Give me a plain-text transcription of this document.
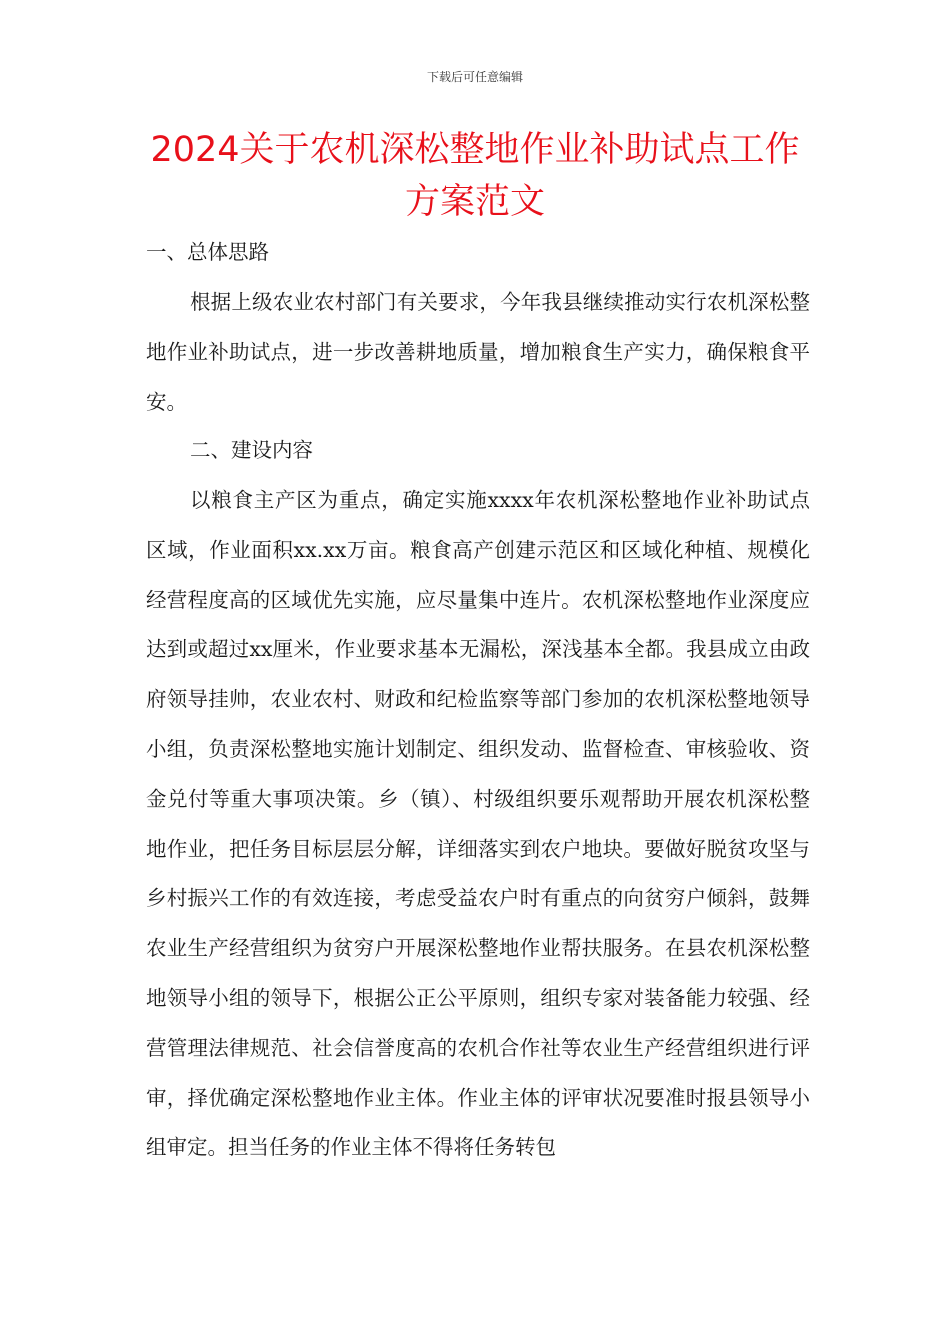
下载后可任意编辑
2024关于农机深松整地作业补助试点工作
方案范文

一、总体思路

根据上级农业农村部门有关要求，今年我县继续推动实行农机深松整地作业补助试点，进一步改善耕地质量，增加粮食生产实力，确保粮食平安。

二、建设内容

以粮食主产区为重点，确定实施xxxx年农机深松整地作业补助试点区域，作业面积xx.xx万亩。粮食高产创建示范区和区域化种植、规模化经营程度高的区域优先实施，应尽量集中连片。农机深松整地作业深度应达到或超过xx厘米，作业要求基本无漏松，深浅基本全都。我县成立由政府领导挂帅，农业农村、财政和纪检监察等部门参加的农机深松整地领导小组，负责深松整地实施计划制定、组织发动、监督检查、审核验收、资金兑付等重大事项决策。乡（镇）、村级组织要乐观帮助开展农机深松整地作业，把任务目标层层分解，详细落实到农户地块。要做好脱贫攻坚与乡村振兴工作的有效连接，考虑受益农户时有重点的向贫穷户倾斜，鼓舞农业生产经营组织为贫穷户开展深松整地作业帮扶服务。在县农机深松整地领导小组的领导下，根据公正公平原则，组织专家对装备能力较强、经营管理法律规范、社会信誉度高的农机合作社等农业生产经营组织进行评审，择优确定深松整地作业主体。作业主体的评审状况要准时报县领导小组审定。担当任务的作业主体不得将任务转包
